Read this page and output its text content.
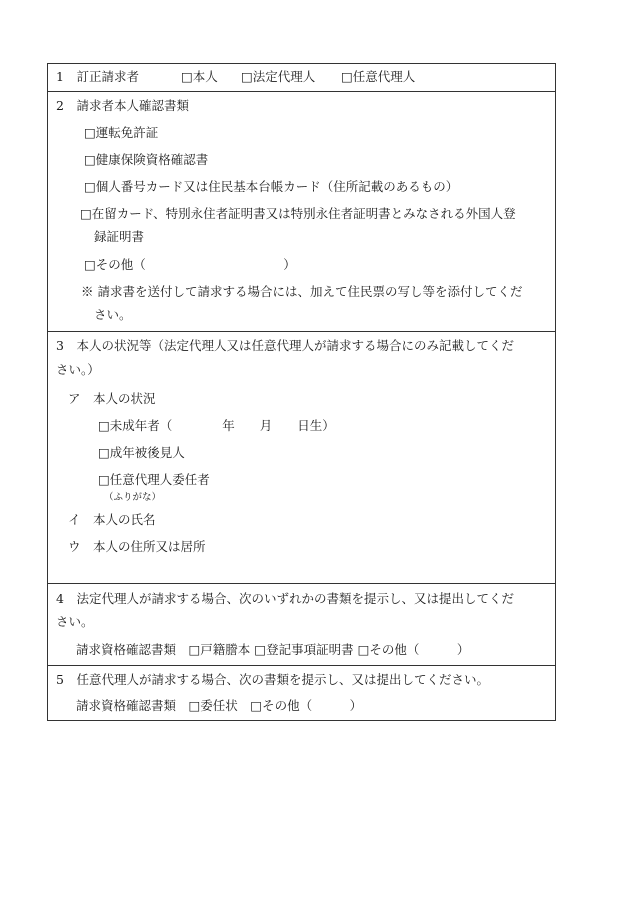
1　訂正請求者	□本人 □法定代理人 □任意代理人
2　請求者本人確認書類
□運転免許証
□健康保険資格確認書
□個人番号カード又は住民基本台帳カード（住所記載のあるもの）
□在留カード、特別永住者証明書又は特別永住者証明書とみなされる外国人登
録証明書
□その他（　　　　　　　　　　　）
※ 請求書を送付して請求する場合には、加えて住民票の写し等を添付してくだ
さい。
3　本人の状況等（法定代理人又は任意代理人が請求する場合にのみ記載してくだ
さい。）
ア　本人の状況
□未成年者（　　　　年　　月　　日生）
□成年被後見人
□任意代理人委任者
（ふりがな）
イ　本人の氏名
ウ　本人の住所又は居所
4　法定代理人が請求する場合、次のいずれかの書類を提示し、又は提出してくだ
さい。
請求資格確認書類　□戸籍謄本 □登記事項証明書 □その他（　　　）
5　任意代理人が請求する場合、次の書類を提示し、又は提出してください。
請求資格確認書類　□委任状　□その他（　　　）
